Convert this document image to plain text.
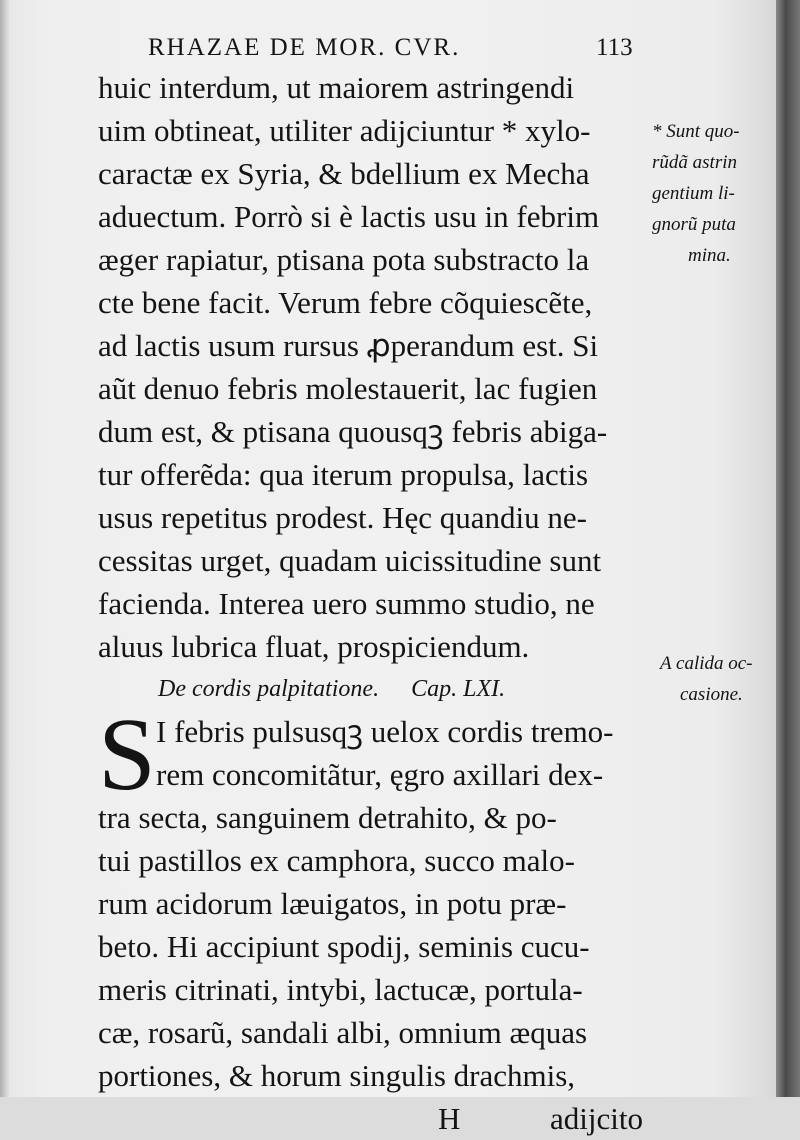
RHAZAE DE MOR. CVR.	113
huic interdum, ut maiorem astringendi
uim obtineat, utiliter adijciuntur * xylo-
caractæ ex Syria, & bdellium ex Mecha
aduectum. Porrò si è lactis usu in febrim
æger rapiatur, ptisana pota substracto la
cte bene facit. Verum febre cõquiescẽte,
ad lactis usum rursus ꝓperandum est. Si
aũt denuo febris molestauerit, lac fugien
dum est, & ptisana quousqꝫ febris abiga-
tur offerẽda: qua iterum propulsa, lactis
usus repetitus prodest. Hęc quandiu ne-
cessitas urget, quadam uicissitudine sunt
facienda. Interea uero summo studio, ne
aluus lubrica fluat, prospiciendum.
De cordis palpitatione. Cap. LXI.
S I febris pulsusqꝫ uelox cordis tremo-
rem concomitãtur, ęgro axillari dex-
tra secta, sanguinem detrahito, & po-
tui pastillos ex camphora, succo malo-
rum acidorum læuigatos, in potu præ-
beto. Hi accipiunt spodij, seminis cucu-
meris citrinati, intybi, lactucæ, portula-
cæ, rosarũ, sandali albi, omnium æquas
portiones, & horum singulis drachmis,
H	adijcito
* Sunt quo-
rũdã astrin
gentium li-
gnorũ puta
mina.
A calida oc-
casione.
